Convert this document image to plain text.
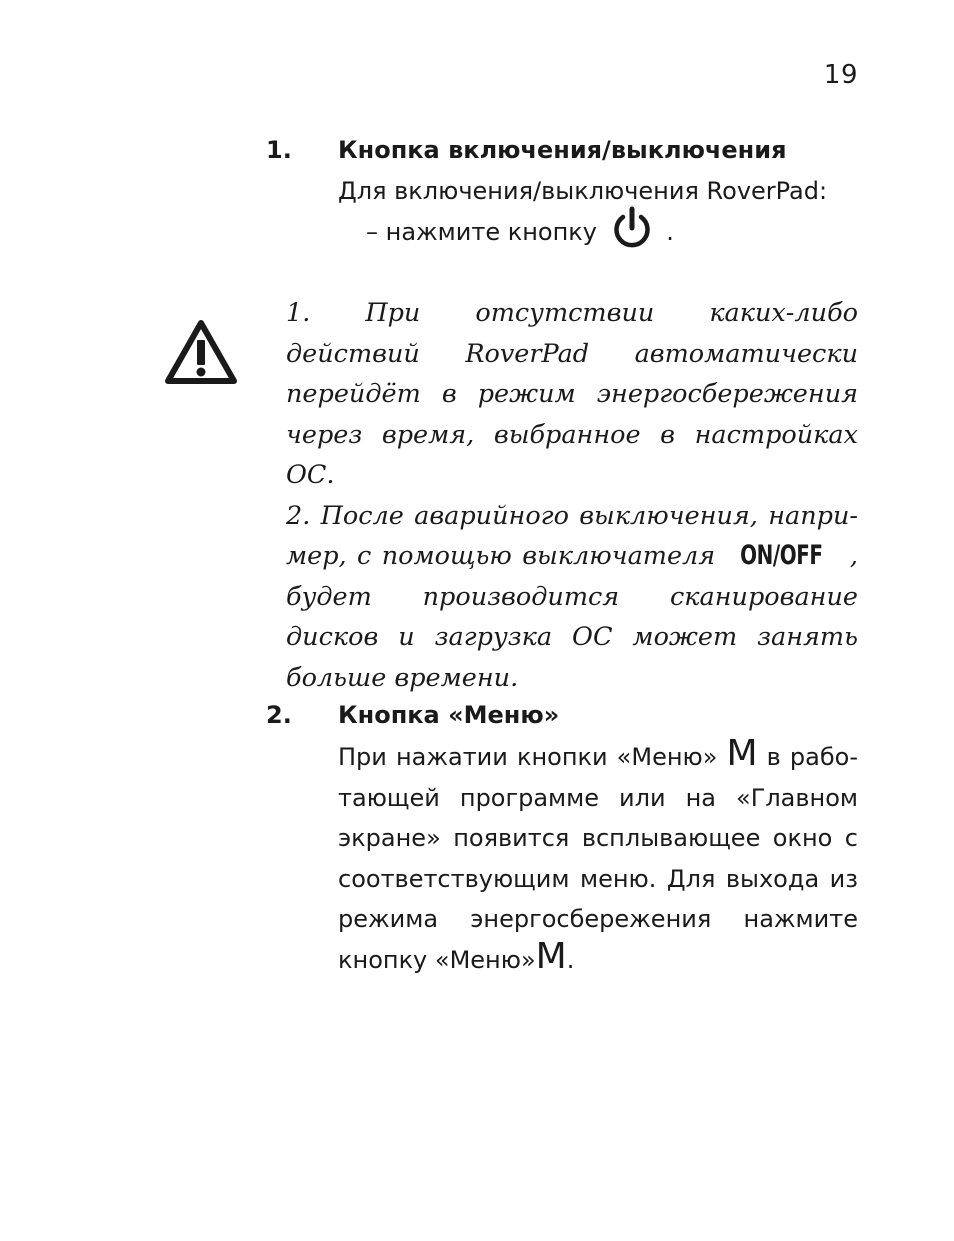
19
1. Кнопка включения/выключения
Для включения/выключения RoverPad:
– нажмите кнопку	.
1. При отсутствии каких-либо действий RoverPad автоматически перейдёт в режим энергосбережения через время, выбранное в настройках ОС.
2. После аварийного выключения, например, с помощью выключателя ON/OFF , будет производится сканирование дисков и загрузка ОС может занять больше времени.
2. Кнопка «Меню»
При нажатии кнопки «Меню» M в работающей программе или на «Главном экране» появится всплывающее окно с соответствующим меню. Для выхода из режима энергосбережения нажмите кнопку «Меню»M.
